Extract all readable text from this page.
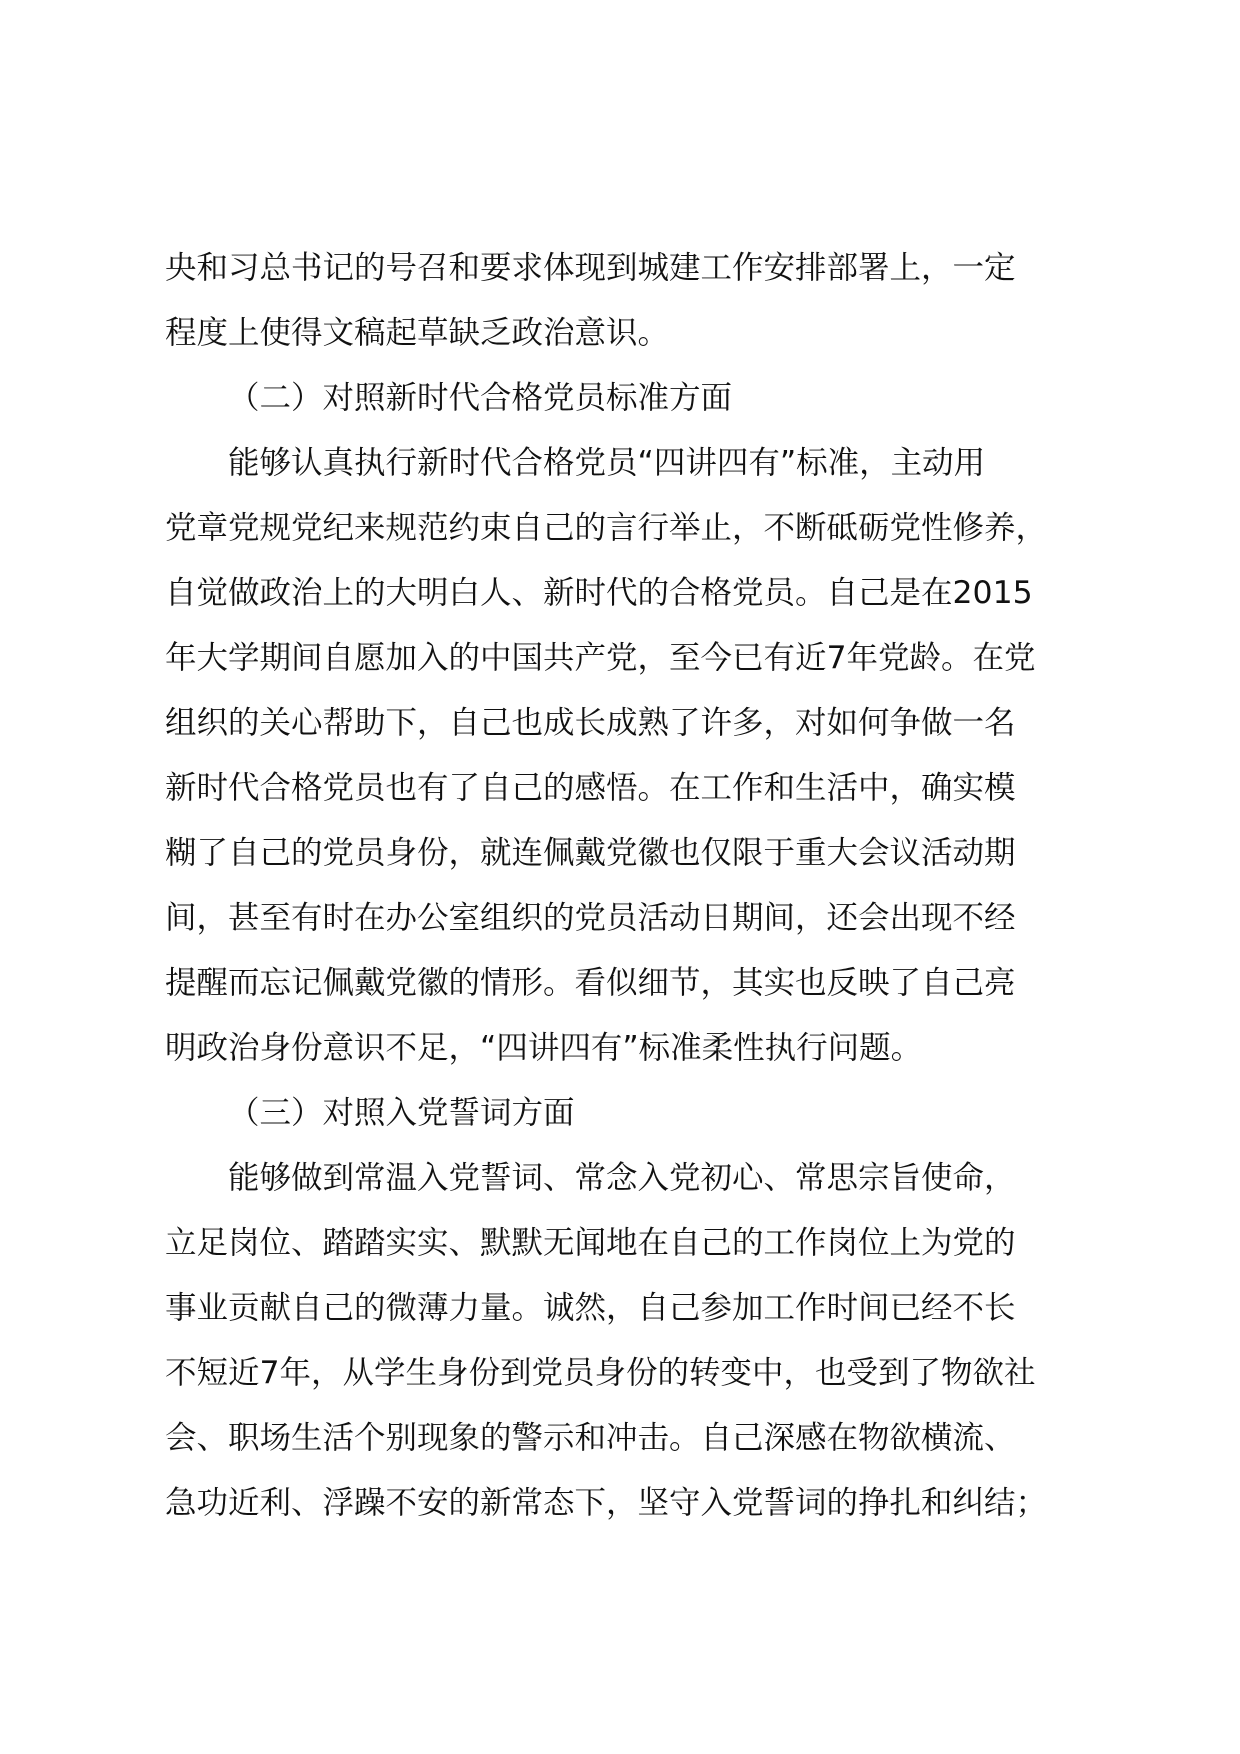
央和习总书记的号召和要求体现到城建工作安排部署上，一定
程度上使得文稿起草缺乏政治意识。
（二）对照新时代合格党员标准方面
能够认真执行新时代合格党员“四讲四有”标准，主动用
党章党规党纪来规范约束自己的言行举止，不断砥砺党性修养，
自觉做政治上的大明白人、新时代的合格党员。自己是在2015
年大学期间自愿加入的中国共产党，至今已有近7年党龄。在党
组织的关心帮助下，自己也成长成熟了许多，对如何争做一名
新时代合格党员也有了自己的感悟。在工作和生活中，确实模
糊了自己的党员身份，就连佩戴党徽也仅限于重大会议活动期
间，甚至有时在办公室组织的党员活动日期间，还会出现不经
提醒而忘记佩戴党徽的情形。看似细节，其实也反映了自己亮
明政治身份意识不足，“四讲四有”标准柔性执行问题。
（三）对照入党誓词方面
能够做到常温入党誓词、常念入党初心、常思宗旨使命，
立足岗位、踏踏实实、默默无闻地在自己的工作岗位上为党的
事业贡献自己的微薄力量。诚然，自己参加工作时间已经不长
不短近7年，从学生身份到党员身份的转变中，也受到了物欲社
会、职场生活个别现象的警示和冲击。自己深感在物欲横流、
急功近利、浮躁不安的新常态下，坚守入党誓词的挣扎和纠结；
